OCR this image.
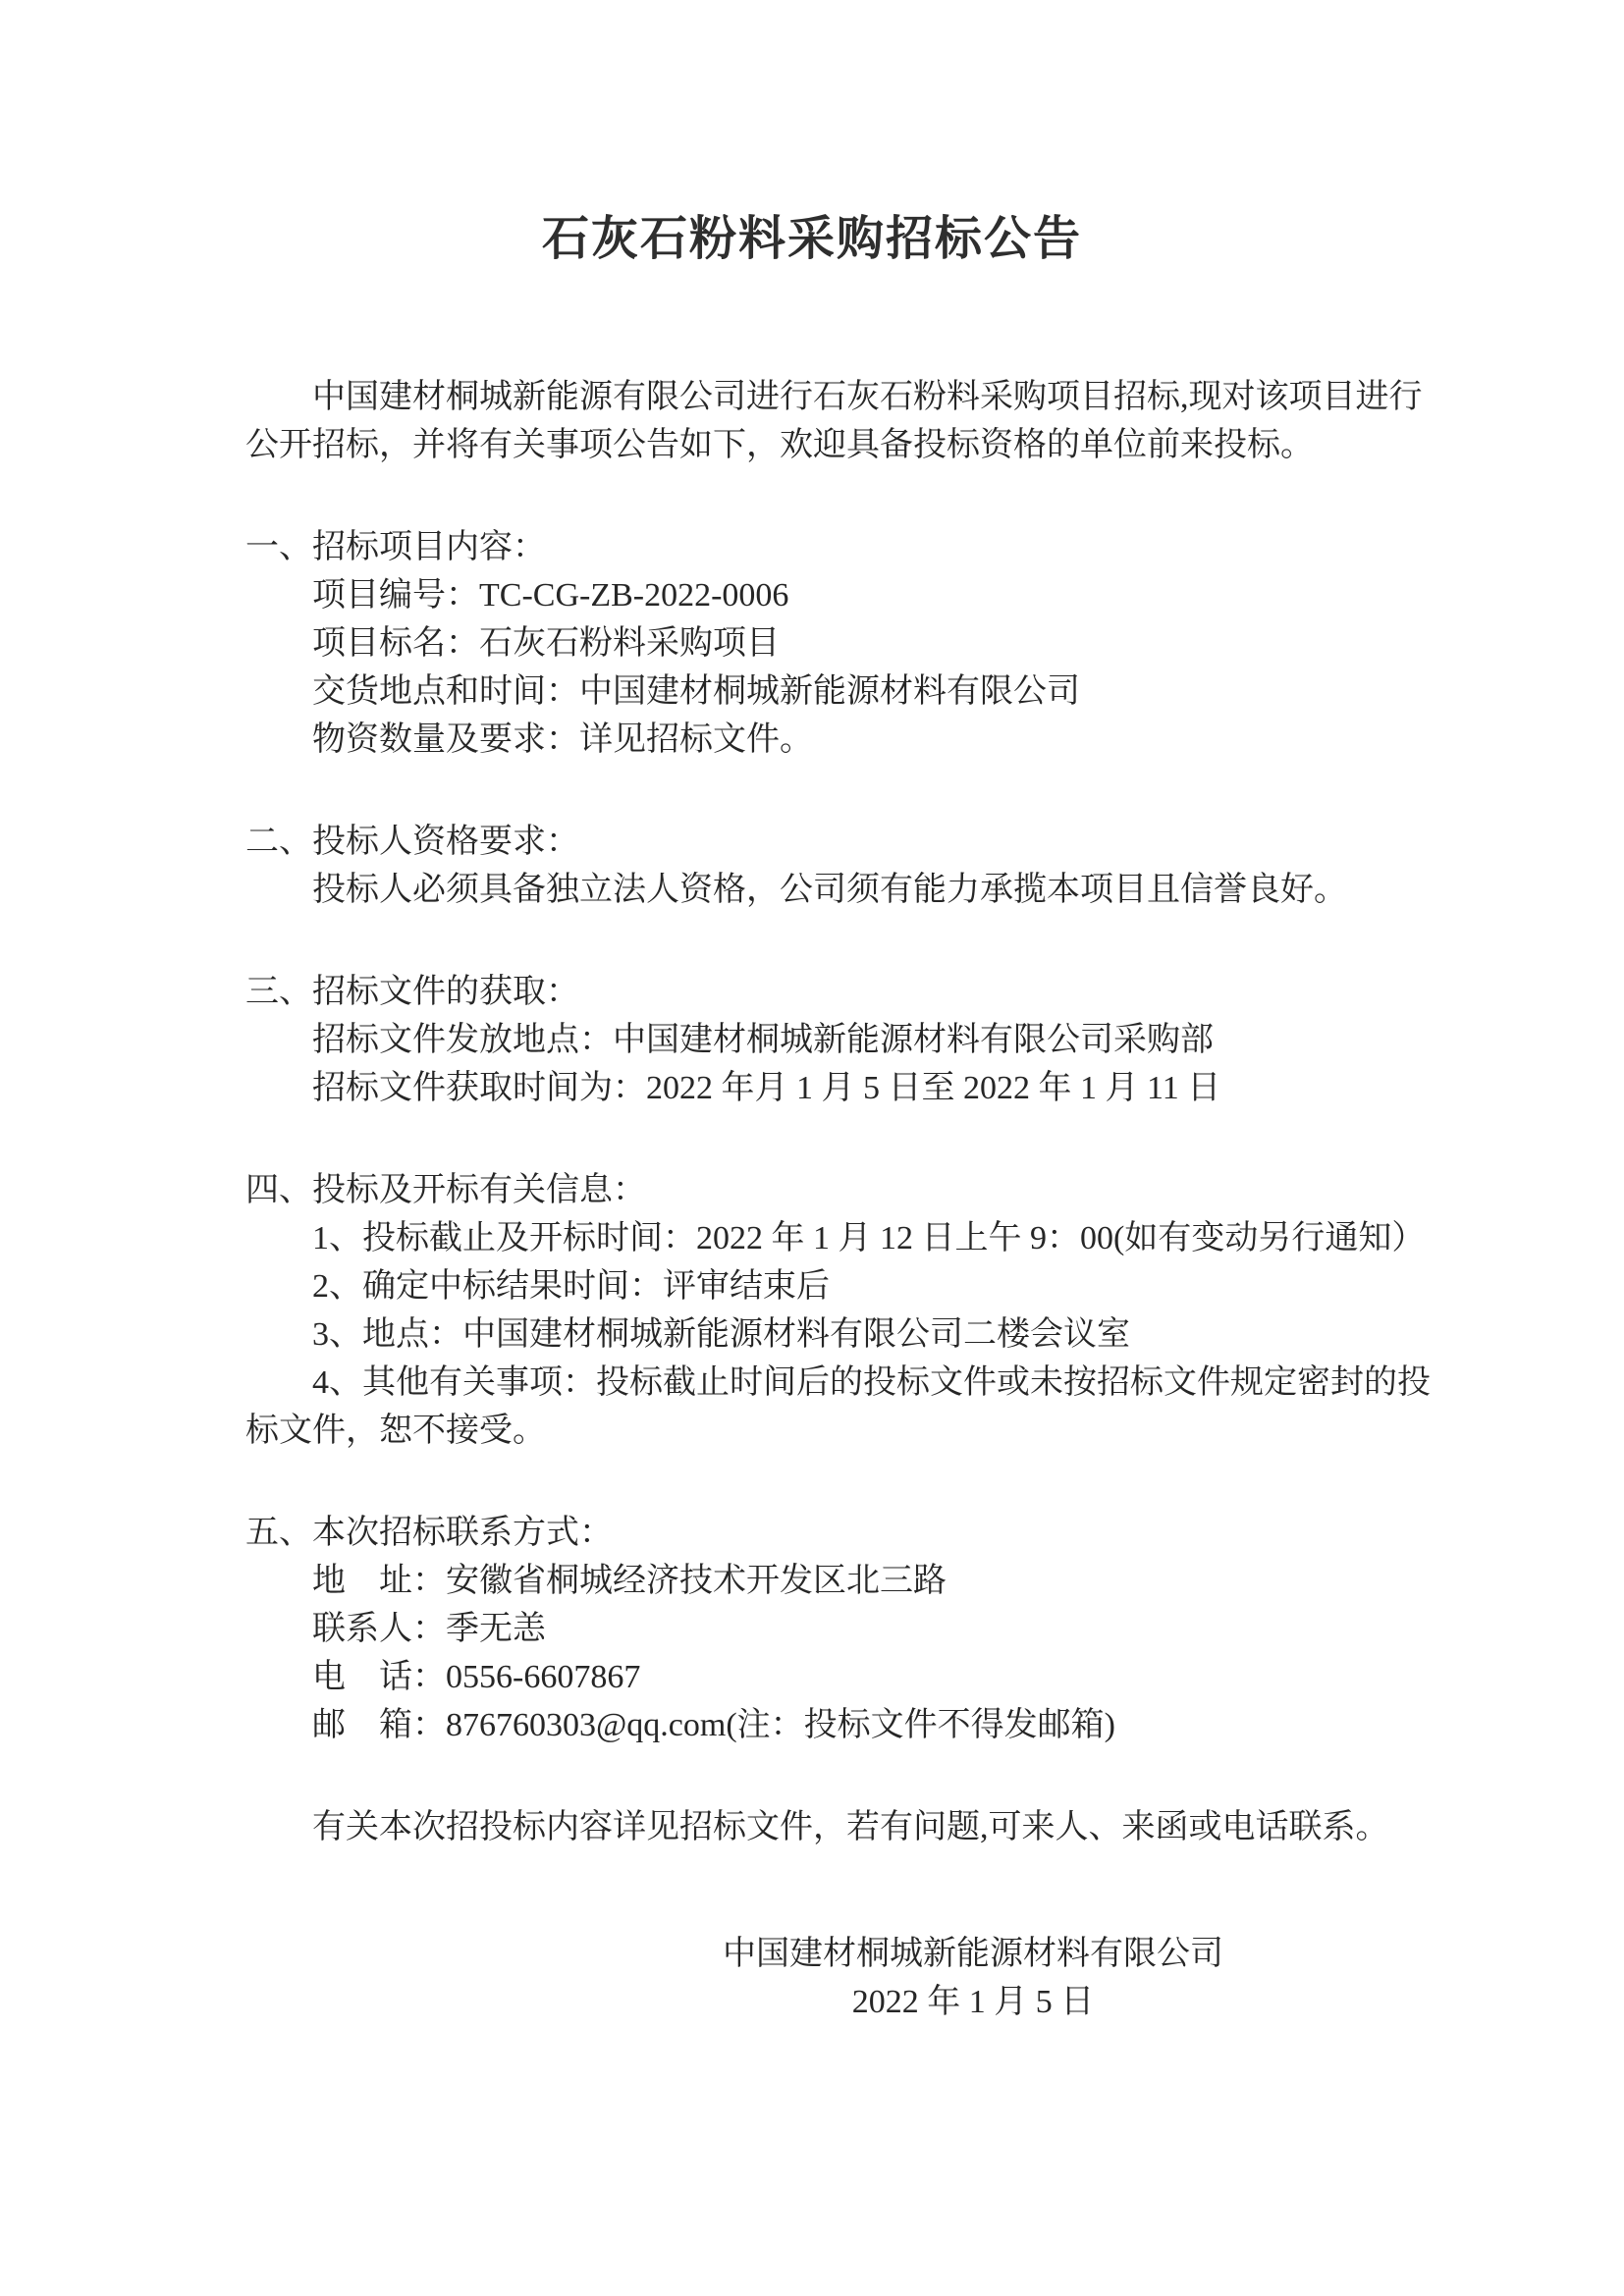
石灰石粉料采购招标公告

中国建材桐城新能源有限公司进行石灰石粉料采购项目招标,现对该项目进行公开招标，并将有关事项公告如下，欢迎具备投标资格的单位前来投标。

一、招标项目内容：
项目编号：TC-CG-ZB-2022-0006
项目标名：石灰石粉料采购项目
交货地点和时间：中国建材桐城新能源材料有限公司
物资数量及要求：详见招标文件。
二、投标人资格要求：
投标人必须具备独立法人资格，公司须有能力承揽本项目且信誉良好。
三、招标文件的获取：
招标文件发放地点：中国建材桐城新能源材料有限公司采购部
招标文件获取时间为：2022 年月 1 月 5 日至 2022 年 1 月 11 日
四、投标及开标有关信息：
1、投标截止及开标时间：2022 年 1 月 12 日上午 9：00(如有变动另行通知）
2、确定中标结果时间：评审结束后
3、地点：中国建材桐城新能源材料有限公司二楼会议室
4、其他有关事项：投标截止时间后的投标文件或未按招标文件规定密封的投标文件，恕不接受。
五、本次招标联系方式：
地　址：安徽省桐城经济技术开发区北三路
联系人：季无恙
电　话：0556-6607867
邮　箱：876760303@qq.com(注：投标文件不得发邮箱)

有关本次招投标内容详见招标文件，若有问题,可来人、来函或电话联系。

中国建材桐城新能源材料有限公司
2022 年 1 月 5 日
